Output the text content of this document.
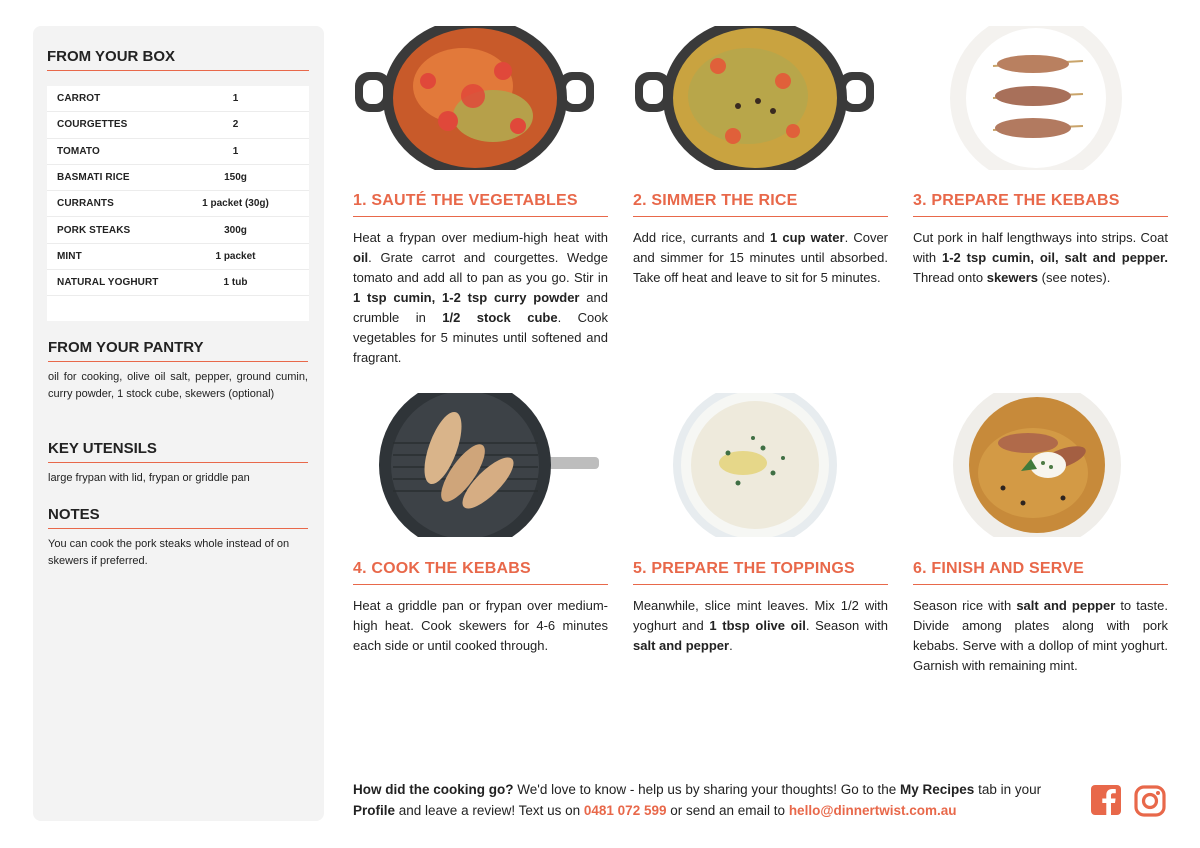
FROM YOUR BOX
CARROT	1
COURGETTES	2
TOMATO	1
BASMATI RICE	150g
CURRANTS	1 packet (30g)
PORK STEAKS	300g
MINT	1 packet
NATURAL YOGHURT	1 tub
FROM YOUR PANTRY
oil for cooking, olive oil salt, pepper, ground cumin, curry powder, 1 stock cube, skewers (optional)
KEY UTENSILS
large frypan with lid, frypan or griddle pan
NOTES
You can cook the pork steaks whole instead of on skewers if preferred.
1. SAUTÉ THE VEGETABLES
Heat a frypan over medium-high heat with oil. Grate carrot and courgettes. Wedge tomato and add all to pan as you go. Stir in 1 tsp cumin, 1-2 tsp curry powder and crumble in 1/2 stock cube. Cook vegetables for 5 minutes until softened and fragrant.
2. SIMMER THE RICE
Add rice, currants and 1 cup water. Cover and simmer for 15 minutes until absorbed. Take off heat and leave to sit for 5 minutes.
3. PREPARE THE KEBABS
Cut pork in half lengthways into strips. Coat with 1-2 tsp cumin, oil, salt and pepper. Thread onto skewers (see notes).
4. COOK THE KEBABS
Heat a griddle pan or frypan over medium-high heat. Cook skewers for 4-6 minutes each side or until cooked through.
5. PREPARE THE TOPPINGS
Meanwhile, slice mint leaves. Mix 1/2 with yoghurt and 1 tbsp olive oil. Season with salt and pepper.
6. FINISH AND SERVE
Season rice with salt and pepper to taste. Divide among plates along with pork kebabs. Serve with a dollop of mint yoghurt. Garnish with remaining mint.
How did the cooking go? We'd love to know - help us by sharing your thoughts! Go to the My Recipes tab in your Profile and leave a review! Text us on 0481 072 599 or send an email to hello@dinnertwist.com.au
